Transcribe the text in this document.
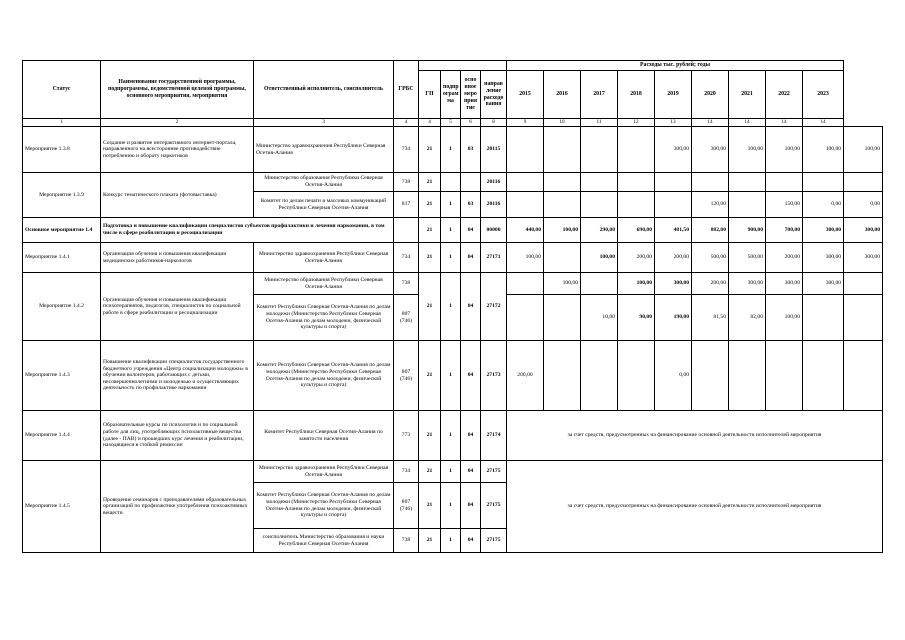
Статус	Наименование государственной программы, подпрограммы, ведомственной целевой программы, основного мероприятия, мероприятия	Ответственный исполнитель, соисполнитель	ГРБС					Расходы тыс. рублей; годы									
				ГП	подпр ограм ма	осно вное меро прия тие	направ ление расходо вания	2015	2016	2017	2018	2019	2020	2021	2022	2023	
1	2	3	4	4	5	6	8	9	10	11	12	13	14	14	14	14	
Мероприятие 1.3.8	Создание и развитие интерактивного интернет-портала, направленного на всестороннее противодействие потреблению и обороту наркотиков	Министерство здравоохранения Республики Северная Осетия-Алания	734	21	1	03	20115					300,00	300,00	100,00	100,00	100,00	100,00
Мероприятие 1.3.9	Конкурс тематического плаката (фотовыставка)	Министерство образования Республики Северная Осетия-Алания	738	21			20116										
		Комитет по делам печати и массовых коммуникаций Республики Северная Осетия-Алания	817	21	1	03	20116						120,00		150,00	0,00	0,00
Основное мероприятие 1.4	Подготовка и повышение квалификации специалистов субъектов профилактики и лечения наркомании, в том числе в сфере реабилитации и ресоциализации			21	1	04	00000	440,00	100,00	290,00	690,00	481,50	882,00	900,00	700,00	300,00	300,00
Мероприятие 1.4.1	Организация обучения и повышения квалификации медицинских работников-наркологов	Министерство здравоохранения Республики Северная Осетия-Алания	734	21	1	04	27171	100,00		100,00	200,00	200,00	500,00	500,00	200,00	300,00	300,00
Мероприятие 1.4.2	Организация обучения и повышения квалификации психотерапевтов, педагогов, специалистов по социальной работе в сфере реабилитации и ресоциализации	Министерство образования Республики Северная Осетия-Алания	738	21	1	04	27172		100,00		100,00	300,00	200,00	300,00	300,00	300,00	
		Комитет Республики Северная Осетия-Алания по делам молодежи (Министерство Республики Северная Осетия-Алания по делам молодежи, физической культуры и спорта)	807 (746)							10,00	90,00	190,00	81,50	82,00	100,00		
Мероприятие 1.4.3	Повышение квалификации специалистов государственного бюджетного учреждения «Центр социализации молодежи» в обучении волонтеров, работающих с детьми, несовершеннолетними и молодежью и осуществляющих деятельность по профилактике наркомании	Комитет Республики Северная Осетия-Алания по делам молодежи (Министерство Республики Северная Осетия-Алания по делам молодежи, физической культуры и спорта)	807 (746)	21	1	04	27173	200,00				0,00					
Мероприятие 1.4.4	Образовательные курсы по психологии и по социальной работе для лиц, употребляющих психоактивные вещества (далее - ПАВ) и прошедших курс лечения и реабилитации, находящиеся в стойкой ремиссии	Комитет Республики Северная Осетия-Алания по занятости населения	773	21	1	04	27174	за счет средств, предусмотренных на финансирование основной деятельности исполнителей мероприятия									
Мероприятие 1.4.5	Проведение семинаров с преподавателями образовательных организаций по профилактике употребления психоактивных веществ	Министерство здравоохранения Республики Северная Осетия-Алания	734	21	1	04	27175	за счет средств, предусмотренных на финансирование основной деятельности исполнителей мероприятия									
		Комитет Республики Северная Осетия-Алания по делам молодежи (Министерство Республики Северная Осетия-Алания по делам молодежи, физической культуры и спорта)	807 (746)	21	1	04	27175										
		соисполнитель Министерство образования и науки Республики Северная Осетия-Алания	738	21	1	04	27175										
